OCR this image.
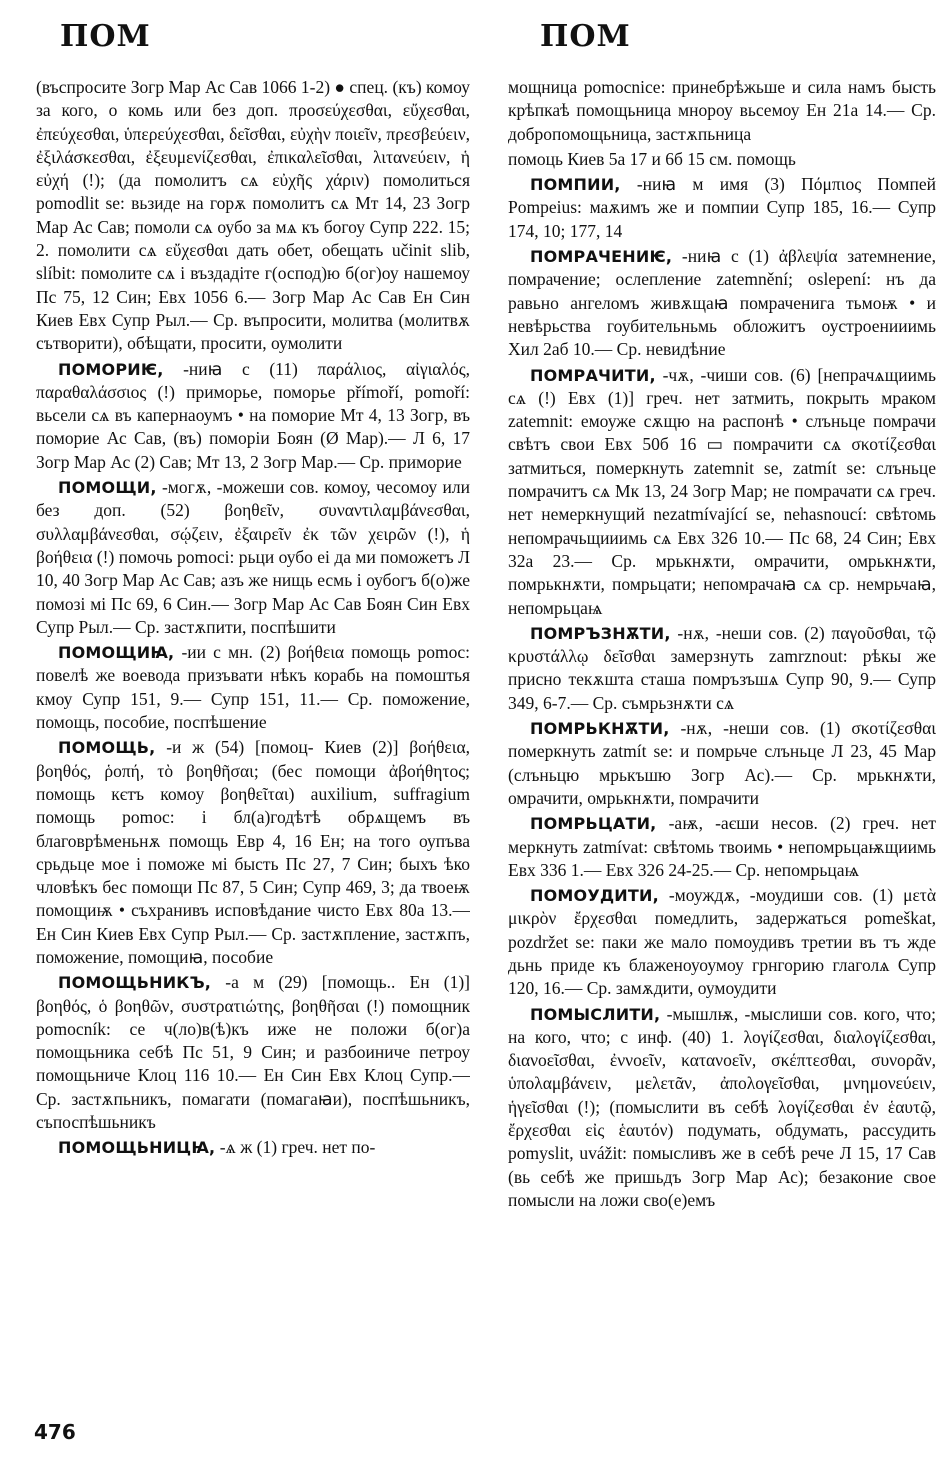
ПОМ	ПОМ

(въспросите Зогр Мар Ас Сав 1066 1-2) ● спец. (къ) комоу за кого, о комь или без доп. προσεύχεσθαι, εὔχεσθαι, ἐπεύχεσθαι, ὑπερεύχεσθαι, δεῖσθαι, εὐχὴν ποιεῖν, πρεσβεύειν, ἐξιλάσκεσθαι, ἐξευμενίζεσθαι, ἐπικαλεῖσθαι, λιτανεύειν, ἡ εὐχή (!); (да помолитъ сѧ εὐχῆς χάριν) помолиться pomodlit se: вьзиде на горѫ помолитъ сѧ Мт 14, 23 Зогр Мар Ас Сав; помоли сѧ оубо за мѧ къ богоу Супр 222. 15; 2. помолити сѧ εὔχεσθαι дать обет, обещать učinit slib, slíbit: помолите сѧ і въздадіте г(оспод)ю б(ог)оу нашемоу Пс 75, 12 Син; Евх 1056 6.— Зогр Мар Ас Сав Ен Син Киев Евх Супр Рыл.— Ср. въпросити, молитва (молитвѫ сътворити), обѣщати, просити, оумолити

ПОМОРИѤ, -ниꙗ с (11) παράλιος, αἰγιαλός, παραθαλάσσιος (!) приморье, поморье přímoří, pomoří: вьсели сѧ въ капернаоумъ • на поморие Мт 4, 13 Зогр, въ поморие Ас Сав, (въ) поморіи Боян (Ø Мар).— Л 6, 17 Зогр Мар Ас (2) Сав; Мт 13, 2 Зогр Мар.— Ср. приморие

ПОМОЩИ, -могѫ, -можеши сов. комоу, чесомоу или без доп. (52) βοηθεῖν, συναντιλαμβάνεσθαι, συλλαμβάνεσθαι, σῴζειν, ἐξαιρεῖν ἐκ τῶν χειρῶν (!), ἡ βοήθεια (!) помочь pomoci: рьци оубо еі да ми поможетъ Л 10, 40 Зогр Мар Ас Сав; азъ же нищь есмь і оубогъ б(о)же помозі мі Пс 69, 6 Син.— Зогр Мар Ас Сав Боян Син Евх Супр Рыл.— Ср. застѫпити, поспѣшити

ПОМОЩИꙖ, -ии с мн. (2) βοήθεια помощь pomoc: повелѣ же воевода призъвати нѣкъ корабь на помоштья кмоу Супр 151, 9.— Супр 151, 11.— Ср. поможение, помощь, пособие, поспѣшение

ПОМОЩЬ, -и ж (54) [помоц- Киев (2)] βοήθεια, βοηθός, ῥοπή, τὸ βοηθῆσαι; (бес помощи ἀβοήθητος; помощь кєтъ комоу βοηθεῖται) auxilium, suffragium помощь pomoc: і бл(а)годѣтѣ обрѧщемъ въ благоврѣменьнѫ помощь Евр 4, 16 Ен; на того оупъва срьдьце мое і поможе мі бысть Пс 27, 7 Син; быхъ ѣко чловѣкъ бес помощи Пс 87, 5 Син; Супр 469, 3; да твоеѭ помощиѭ • съхранивъ исповѣдание чисто Евх 80а 13.— Ен Син Киев Евх Супр Рыл.— Ср. застѫпление, застѫпъ, поможение, помощиꙗ, пособие

ПОМОЩЬНИКЪ, -а м (29) [помощь.. Ен (1)] βοηθός, ὁ βοηθῶν, συστρατιώτης, βοηθῆσαι (!) помощник pomocník: се ч(ло)в(ѣ)къ иже не положи б(ог)а помощьника себѣ Пс 51, 9 Син; и разбоиниче петроу помощьниче Клоц 116 10.— Ен Син Евх Клоц Супр.— Ср. застѫпьникъ, помагати (помагаꙗи), поспѣшьникъ, съпоспѣшьникъ

ПОМОЩЬНИЦꙖ, -ѧ ж (1) греч. нет по-

мощница pomocnice: принебрѣжьше и сила намъ бысть крѣпкаѣ помощьница мнороу вьсемоу Ен 21а 14.— Ср. добропомощьница, застѫпьница

помоць Киев 5а 17 и 6б 15 см. помощь

ПОМПИИ, -ниꙗ м имя (3) Πόμπιος Помпей Pompeius: маѫимъ же и помпии Супр 185, 16.— Супр 174, 10; 177, 14

ПОМРАЧЕНИѤ, -ниꙗ с (1) ἀβλεψία затемнение, помрачение; ослепление zatemnění; oslepení: нъ да равьно ангеломъ живѫщаꙗ помраченига тьмоѭ • и невѣрьства гоубительньмь обложитъ оустроенииимь Хил 2аб 10.— Ср. невидѣние

ПОМРАЧИТИ, -чѫ, -чиши сов. (6) [непрачѧщиимь сѧ (!) Евх (1)] греч. нет затмить, покрыть мраком zatemnit: емоуже сѫщю на распонѣ • слъньце помрачи свѣтъ свои Евх 50б 16 ▭ помрачити сѧ σκοτίζεσθαι затмиться, померкнуть zatemnit se, zatmít se: слъньце помрачитъ сѧ Мк 13, 24 Зогр Мар; не помрачати сѧ греч. нет немеркнущий nezatmívající se, nehasnoucí: свѣтомь непомрачьщииимь сѧ Евх 326 10.— Пс 68, 24 Син; Евх 32а 23.— Ср. мрькнѫти, омрачити, омрькнѫти, помрькнѫти, помрьцати; непомрачаꙗ сѧ ср. немрьчаꙗ, непомрьцаѩ

ПОМРЪЗНѪТИ, -нѫ, -неши сов. (2) παγοῦσθαι, τῷ κρυστάλλῳ δεῖσθαι замерзнуть zamrznout: рѣкы же присно текѫшта сташа помръзъшѧ Супр 90, 9.— Супр 349, 6-7.— Ср. съмрьзнѫти сѧ

ПОМРЬКНѪТИ, -нѫ, -неши сов. (1) σκοτίζεσθαι померкнуть zatmít se: и помрьче слъньце Л 23, 45 Мар (слъньцю мрькъшю Зогр Ас).— Ср. мрькнѫти, омрачити, омрькнѫти, помрачити

ПОМРЬЦАТИ, -аѭ, -аєши несов. (2) греч. нет меркнуть zatmívat: свѣтомь твоимь • непомрьцаѭщиимь Евх 336 1.— Евх 326 24-25.— Ср. непомрьцаѩ

ПОМОУДИТИ, -моуждѫ, -моудиши сов. (1) μετὰ μικρὸν ἔρχεσθαι помедлить, задержаться pomeškat, pozdržet se: паки же мало помоудивъ третии въ тъ жде дьнь приде къ блаженоуоумоу грнгорию глаголѧ Супр 120, 16.— Ср. замѫдити, оумоудити

ПОМЫСЛИТИ, -мышлѭ, -мыслиши сов. кого, что; на кого, что; с инф. (40) 1. λογίζεσθαι, διαλογίζεσθαι, διανοεῖσθαι, ἐννοεῖν, κατανοεῖν, σκέπτεσθαι, συνορᾶν, ὑπολαμβάνειν, μελετᾶν, ἀπολογεῖσθαι, μνημονεύειν, ἡγεῖσθαι (!); (помыслити въ себѣ λογίζεσθαι ἐν ἑαυτῷ, ἔρχεσθαι εἰς ἑαυτόν) подумать, обдумать, рассудить pomyslit, uvážit: помысливъ же в себѣ рече Л 15, 17 Сав (вь себѣ же пришьдъ Зогр Мар Ас); безаконие свое помысли на ложи сво(е)емъ

476
